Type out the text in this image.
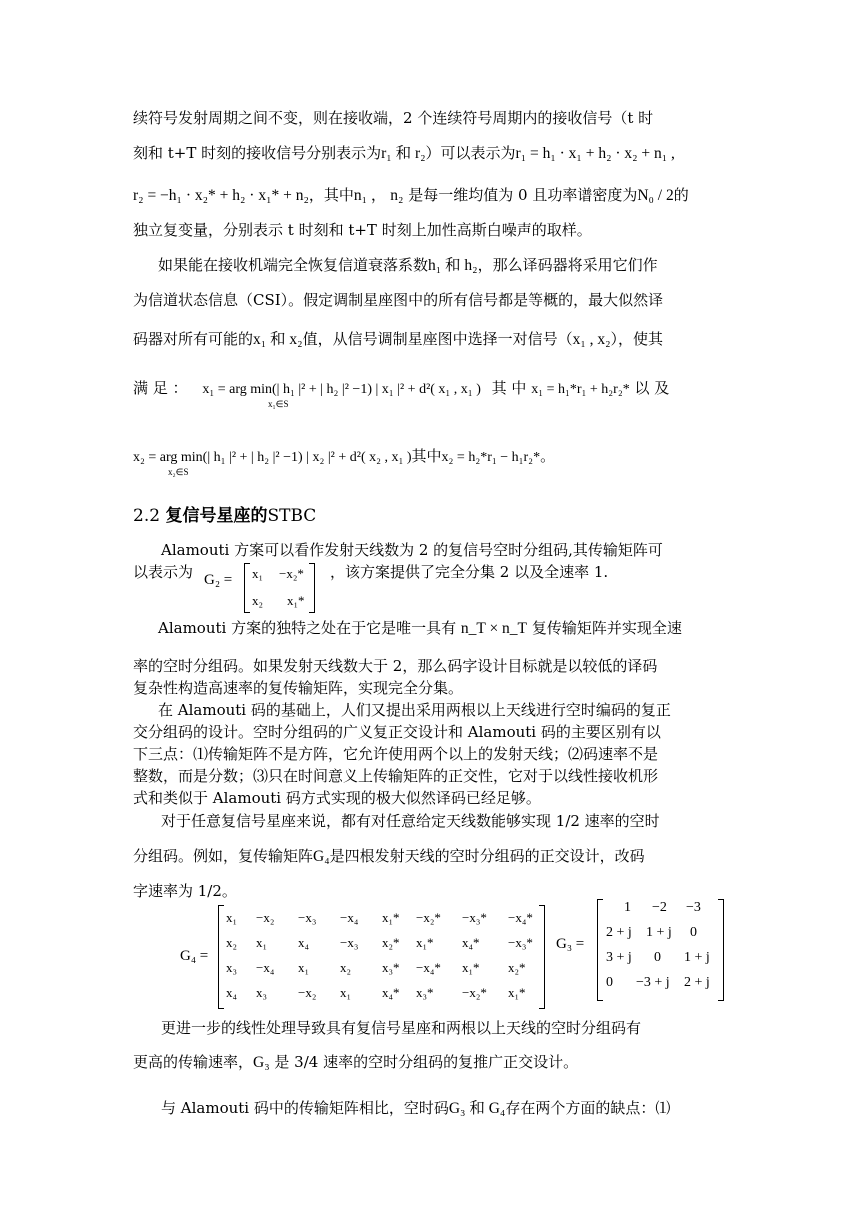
续符号发射周期之间不变，则在接收端，2 个连续符号周期内的接收信号（t 时
刻和 t+T 时刻的接收信号分别表示为r₁ 和 r₂）可以表示为r₁ = h₁ · x₁ + h₂ · x₂ + n₁ ,
r₂ = −h₁ · x₂* + h₂ · x₁* + n₂，其中n₁ ， n₂ 是每一维均值为 0 且功率谱密度为N₀ / 2的
独立复变量，分别表示 t 时刻和 t+T 时刻上加性高斯白噪声的取样。
如果能在接收机端完全恢复信道衰落系数h₁ 和 h₂，那么译码器将采用它们作
为信道状态信息（CSI）。假定调制星座图中的所有信号都是等概的，最大似然译
码器对所有可能的x₁ 和 x₂值，从信号调制星座图中选择一对信号（x₁ , x₂），使其
满 足 ： x₁ = arg min(| h₁ |² + | h₂ |² −1) | x₁ |² + d²( x₁ , x₁ ) 其 中 x₁ = h₁*r₁ + h₂r₂* 以 及
x₁∈S
x₂ = arg min(| h₁ |² + | h₂ |² −1) | x₂ |² + d²( x₂ , x₁ )其中x₂ = h₂*r₁ − h₁r₂*。
x₂∈S
2.2 复信号星座的STBC
Alamouti 方案可以看作发射天线数为 2 的复信号空时分组码,其传输矩阵可
以表示为 G₂ = x₁ −x₂*
x₂ x₁*
，该方案提供了完全分集 2 以及全速率 1.
Alamouti 方案的独特之处在于它是唯一具有 n_T × n_T 复传输矩阵并实现全速
率的空时分组码。如果发射天线数大于 2，那么码字设计目标就是以较低的译码
复杂性构造高速率的复传输矩阵，实现完全分集。
在 Alamouti 码的基础上，人们又提出采用两根以上天线进行空时编码的复正
交分组码的设计。空时分组码的广义复正交设计和 Alamouti 码的主要区别有以
下三点：⑴传输矩阵不是方阵，它允许使用两个以上的发射天线；⑵码速率不是
整数，而是分数；⑶只在时间意义上传输矩阵的正交性，它对于以线性接收机形
式和类似于 Alamouti 码方式实现的极大似然译码已经足够。
对于任意复信号星座来说，都有对任意给定天线数能够实现 1/2 速率的空时
分组码。例如，复传输矩阵G₄是四根发射天线的空时分组码的正交设计，改码
字速率为 1/2。
G₄ =
x₁ −x₂ −x₃ −x₄ x₁* −x₂* −x₃* −x₄*
x₂ x₁ x₄ −x₃ x₂* x₁* x₄* −x₃*
x₃ −x₄ x₁ x₂ x₃* −x₄* x₁* x₂*
x₄ x₃ −x₂ x₁ x₄* x₃* −x₂* x₁*
G₃ =
1 −2 −3
2 + j 1 + j 0
3 + j 0 1 + j
0 −3 + j 2 + j
更进一步的线性处理导致具有复信号星座和两根以上天线的空时分组码有
更高的传输速率，G₃ 是 3/4 速率的空时分组码的复推广正交设计。
与 Alamouti 码中的传输矩阵相比，空时码G₃ 和 G₄存在两个方面的缺点：⑴
